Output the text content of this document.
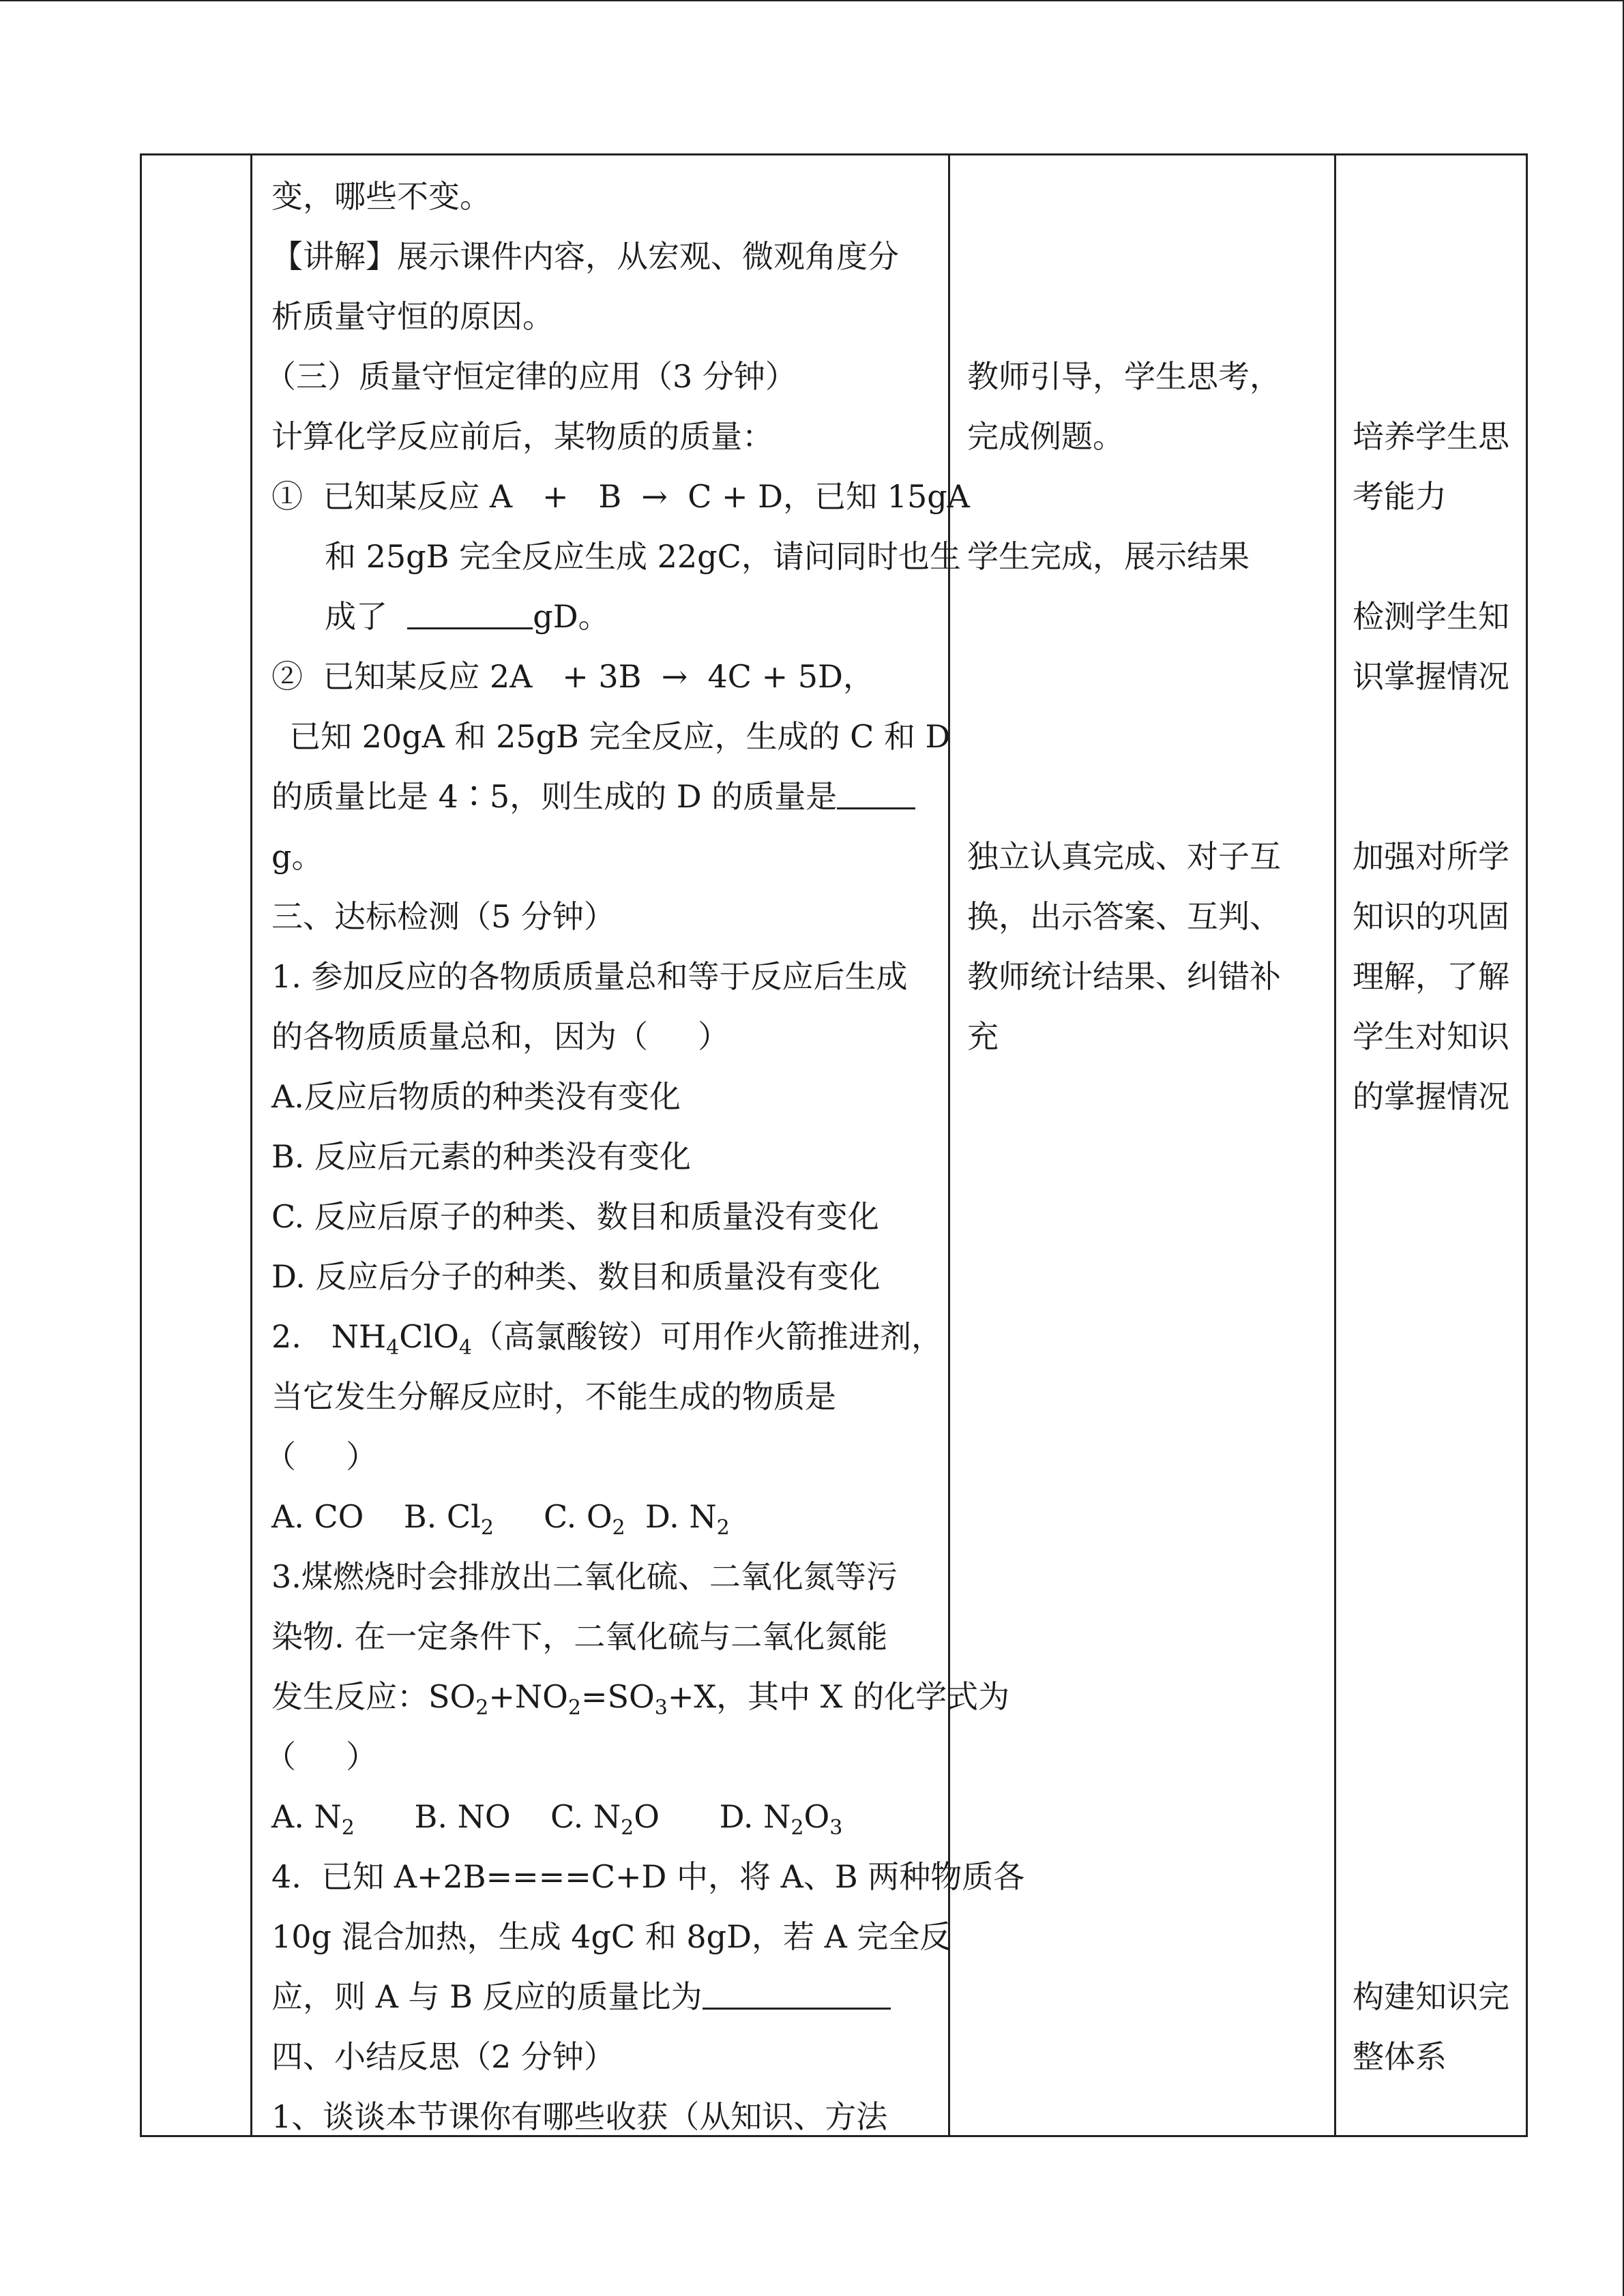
变，哪些不变。
【讲解】展示课件内容，从宏观、微观角度分
析质量守恒的原因。
（三）质量守恒定律的应用（3 分钟）
计算化学反应前后，某物质的质量：
①  已知某反应 A   +   B  →  C + D，已知 15gA
和 25gB 完全反应生成 22gC，请问同时也生
成了	gD。
②  已知某反应 2A   + 3B  →  4C + 5D，
已知 20gA 和 25gB 完全反应，生成的 C 和 D
的质量比是 4∶5，则生成的 D 的质量是
g。
三、达标检测（5 分钟）
1. 参加反应的各物质质量总和等于反应后生成
的各物质质量总和，因为（     ）
A.反应后物质的种类没有变化
B. 反应后元素的种类没有变化
C. 反应后原子的种类、数目和质量没有变化
D. 反应后分子的种类、数目和质量没有变化
2.   $NH_4ClO_4$（高氯酸铵）可用作火箭推进剂，
当它发生分解反应时，不能生成的物质是
（     ）
A. CO    B. $Cl_2$     C. $O_2$  D. $N_2$
3.煤燃烧时会排放出二氧化硫、二氧化氮等污
染物. 在一定条件下，二氧化硫与二氧化氮能
发生反应：$SO_2+NO_2=SO_3+X$，其中 X 的化学式为
（     ）
A. $N_2$      B. NO    C. $N_2O$      D. $N_2O_3$
4.  已知 A+2B====C+D 中，将 A、B 两种物质各
10g 混合加热，生成 4gC 和 8gD，若 A 完全反
应，则 A 与 B 反应的质量比为
四、小结反思（2 分钟）
1、谈谈本节课你有哪些收获（从知识、方法
教师引导，学生思考，
完成例题。
学生完成，展示结果
独立认真完成、对子互
换，出示答案、互判、
教师统计结果、纠错补
充
培养学生思
考能力
检测学生知
识掌握情况
加强对所学
知识的巩固
理解，了解
学生对知识
的掌握情况
构建知识完
整体系
